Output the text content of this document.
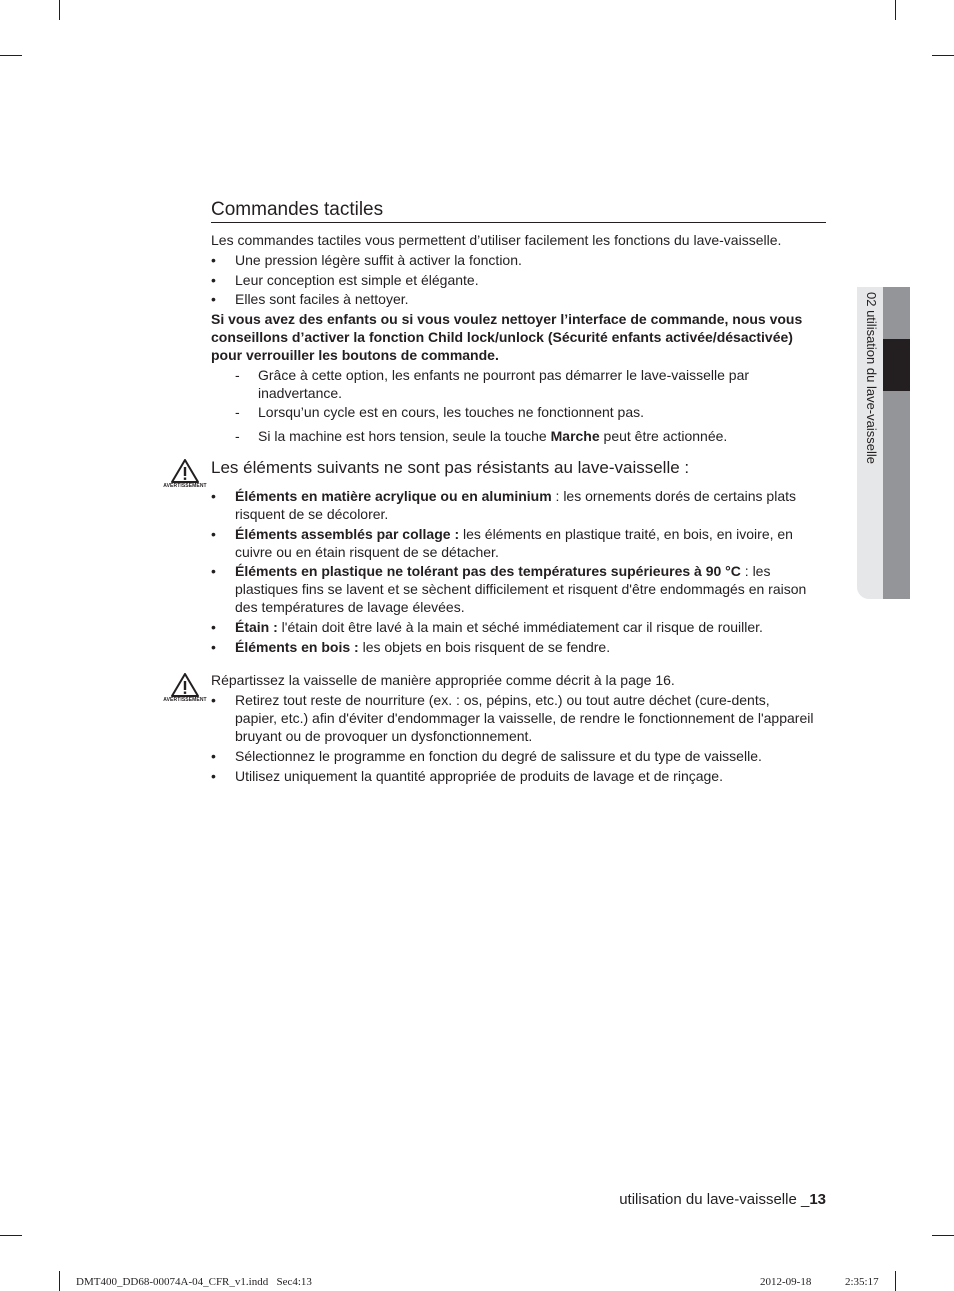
02 utilisation du lave-vaisselle
Commandes tactiles
Les commandes tactiles vous permettent d’utiliser facilement les fonctions du lave-vaisselle.
• Une pression légère suffit à activer la fonction.
• Leur conception est simple et élégante.
• Elles sont faciles à nettoyer.
Si vous avez des enfants ou si vous voulez nettoyer l’interface de commande, nous vous
conseillons d’activer la fonction Child lock/unlock (Sécurité enfants activée/désactivée)
pour verrouiller les boutons de commande.
- Grâce à cette option, les enfants ne pourront pas démarrer le lave-vaisselle par
inadvertance.
- Lorsqu’un cycle est en cours, les touches ne fonctionnent pas.
- Si la machine est hors tension, seule la touche Marche peut être actionnée.
AVERTISSEMENT
Les éléments suivants ne sont pas résistants au lave-vaisselle :
• Éléments en matière acrylique ou en aluminium : les ornements dorés de certains plats
risquent de se décolorer.
• Éléments assemblés par collage : les éléments en plastique traité, en bois, en ivoire, en
cuivre ou en étain risquent de se détacher.
• Éléments en plastique ne tolérant pas des températures supérieures à 90 °C : les
plastiques fins se lavent et se sèchent difficilement et risquent d'être endommagés en raison
des températures de lavage élevées.
• Étain : l'étain doit être lavé à la main et séché immédiatement car il risque de rouiller.
• Éléments en bois : les objets en bois risquent de se fendre.
AVERTISSEMENT
Répartissez la vaisselle de manière appropriée comme décrit à la page 16.
• Retirez tout reste de nourriture (ex. : os, pépins, etc.) ou tout autre déchet (cure-dents,
papier, etc.) afin d'éviter d'endommager la vaisselle, de rendre le fonctionnement de l'appareil
bruyant ou de provoquer un dysfonctionnement.
• Sélectionnez le programme en fonction du degré de salissure et du type de vaisselle.
• Utilisez uniquement la quantité appropriée de produits de lavage et de rinçage.
utilisation du lave-vaisselle _13
DMT400_DD68-00074A-04_CFR_v1.indd   Sec4:13	2012-09-18	2:35:17
